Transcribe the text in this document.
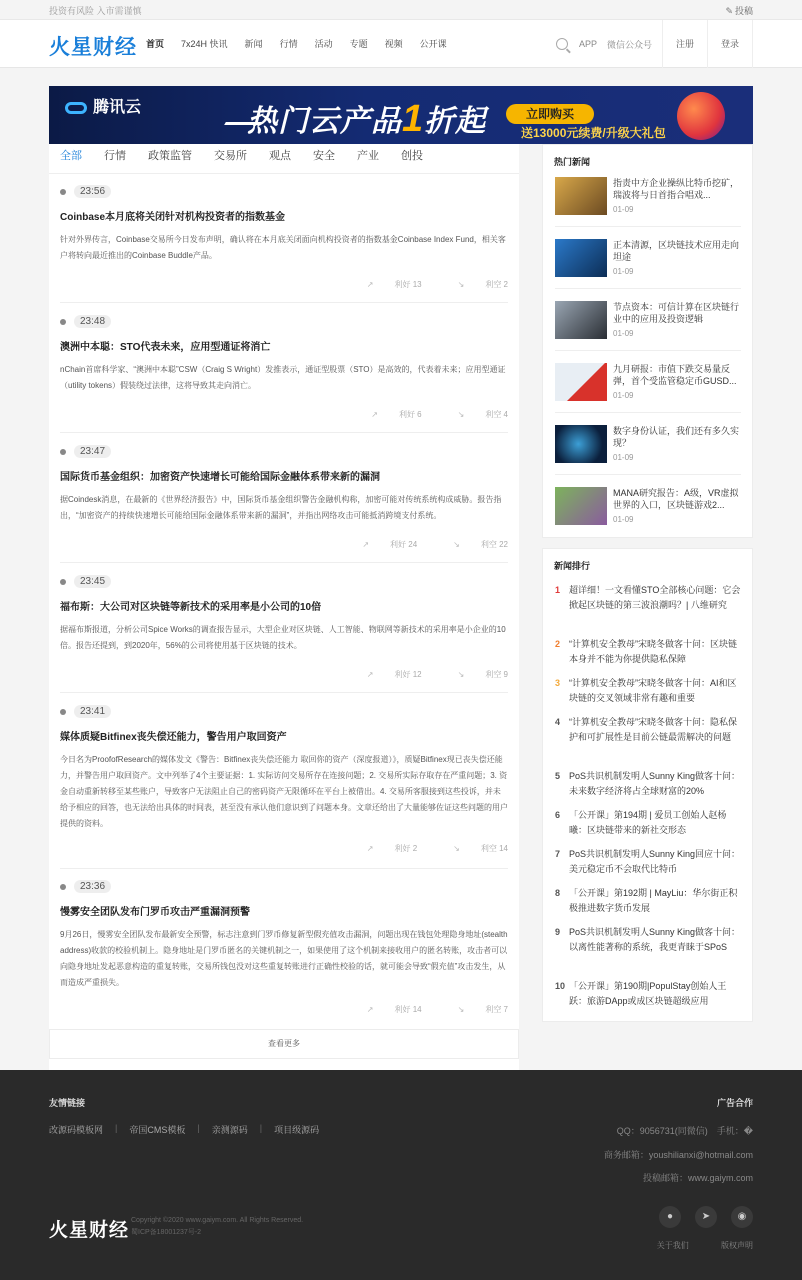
投资有风险 入市需谨慎	✎ 投稿
火星财经 首页 7x24H 快讯 新闻 行情 活动 专题 视频 公开课	APP 微信公众号	注册	登录
腾讯云	热门云产品1折起	立即购买
送13000元续费/升级大礼包
全部 行情 政策监管 交易所 观点 安全 产业 创投
23:56
Coinbase本月底将关闭针对机构投资者的指数基金

针对外界传言，Coinbase交易所今日发布声明，确认将在本月底关闭面向机构投资者的指数基金Coinbase Index Fund，相关客户将转向最近推出的Coinbase Buddle产品。

↗	利好 13	↘	利空 2
23:48
澳洲中本聪：STO代表未来，应用型通证将消亡

nChain首席科学家、“澳洲中本聪”CSW（Craig S Wright）发推表示，通证型股票（STO）是高效的，代表着未来；应用型通证（utility tokens）假装绕过法律，这将导致其走向消亡。

↗	利好 6	↘	利空 4
23:47
国际货币基金组织：加密资产快速增长可能给国际金融体系带来新的漏洞

据Coindesk消息，在最新的《世界经济报告》中，国际货币基金组织警告金融机构称，加密可能对传统系统构成威胁。报告指出，“加密资产的持续快速增长可能给国际金融体系带来新的漏洞”，并指出网络攻击可能抵消跨境支付系统。

↗	利好 24	↘	利空 22
23:45
福布斯：大公司对区块链等新技术的采用率是小公司的10倍

据福布斯报道，分析公司Spice Works的调查报告显示，大型企业对区块链、人工智能、物联网等新技术的采用率是小企业的10倍。报告还提到，到2020年，56%的公司将使用基于区块链的技术。

↗	利好 12	↘	利空 9
23:41
媒体质疑Bitfinex丧失偿还能力，警告用户取回资产

今日名为ProofofResearch的媒体发文《警告：Bitfinex丧失偿还能力 取回你的资产（深度报道）》，质疑Bitfinex现已丧失偿还能力，并警告用户取回资产。文中列举了4个主要证据：1. 实际访问交易所存在连接问题；2. 交易所实际存取存在严重问题；3. 资金自动重新转移至某些账户，导致客户无法阻止自己的密码资产无限循环在平台上被借出。4. 交易所客服接到这些投诉，并未给予相应的回答，也无法给出具体的时间表，甚至没有承认他们意识到了问题本身。文章还给出了大量能够佐证这些问题的用户提供的资料。

↗	利好 2	↘	利空 14
23:36
慢雾安全团队发布门罗币攻击严重漏洞预警

9月26日，慢雾安全团队发布最新安全预警，标志注意到门罗币修复新型假充值攻击漏洞，问题出现在钱包处理隐身地址(stealth address)收款的校验机制上。隐身地址是门罗币匿名的关键机制之一，如果使用了这个机制来接收用户的匿名转账，攻击者可以向隐身地址发起恶意构造的重复转账，交易所钱包没对这些重复转账进行正确性校验的话，就可能会导致“假充值”攻击发生，从而造成严重损失。

↗	利好 14	↘	利空 7
查看更多
热门新闻
指责中方企业操纵比特币挖矿，瑞波将与日首指合唱戏...
01-09
正本清源，区块链技术应用走向坦途
01-09
节点资本：可信计算在区块链行业中的应用及投资逻辑
01-09
九月研报：市值下跌交易量反弹，首个受监管稳定币GUSD...
01-09
数字身份认证，我们还有多久实现？
01-09
MANA研究报告：A级，VR虚拟世界的入口，区块链游戏2...
01-09
新闻排行
1 超详细！一文看懂STO全部核心问题：它会掀起区块链的第三波浪潮吗？| 八维研究
2 “计算机安全教母”宋晓冬做客十问：区块链本身并不能为你提供隐私保障
3 “计算机安全教母”宋晓冬做客十问：AI和区块链的交叉领域非常有趣和重要
4 “计算机安全教母”宋晓冬做客十问：隐私保护和可扩展性是目前公链最需解决的问题
5 PoS共识机制发明人Sunny King做客十问：未来数字经济将占全球财富的20%
6 「公开课」第194期 | 爱员工创始人赵杨曦：区块链带来的新社交形态
7 PoS共识机制发明人Sunny King回应十问：美元稳定币不会取代比特币
8 「公开课」第192期 | MayLiu：华尔街正积极推进数字货币发展
9 PoS共识机制发明人Sunny King做客十问：以离性能著称的系统，我更青睐于SPoS
10 「公开课」第190期|PopulStay创始人王跃：旅游DApp或成区块链超级应用
友情链接
改源码模板网 | 帝国CMS模板 | 亲测源码 | 项目级源码
广告合作
QQ：9056731(同微信)　手机：�
商务邮箱：youshilianxi@hotmail.com
投稿邮箱：www.gaiym.com
火星财经 Copyright ©2020 www.gaiym.com. All Rights Reserved.
蜀ICP备18001237号-2
●	➤	◉
关于我们	版权声明
